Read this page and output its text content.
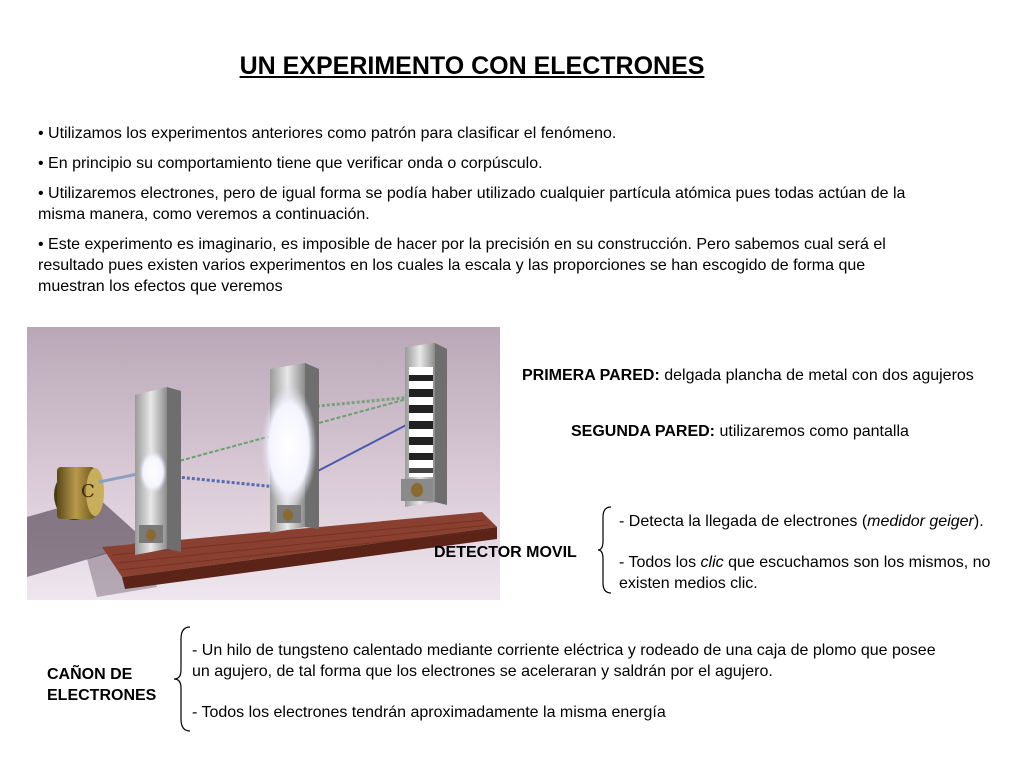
UN EXPERIMENTO CON ELECTRONES

• Utilizamos los experimentos anteriores como patrón para clasificar el fenómeno.

• En principio su comportamiento tiene que verificar onda o corpúsculo.

• Utilizaremos electrones, pero de igual forma se podía haber utilizado cualquier partícula atómica pues todas actúan de la misma manera, como veremos a continuación.

• Este experimento es imaginario, es imposible de hacer por la precisión en su construcción. Pero sabemos cual será el resultado pues existen varios experimentos en los cuales la escala y las proporciones se han escogido de forma que muestran los efectos que veremos

C
PRIMERA PARED: delgada plancha de metal con dos agujeros
SEGUNDA PARED: utilizaremos como pantalla
DETECTOR MOVIL

- Detecta la llegada de electrones (medidor geiger).

- Todos los clic que escuchamos son los mismos, no existen medios clic.

CAÑON DE
ELECTRONES

- Un hilo de tungsteno calentado mediante corriente eléctrica y rodeado de una caja de plomo que posee un agujero, de tal forma que los electrones se aceleraran y saldrán por el agujero.

- Todos los electrones tendrán aproximadamente la misma energía
